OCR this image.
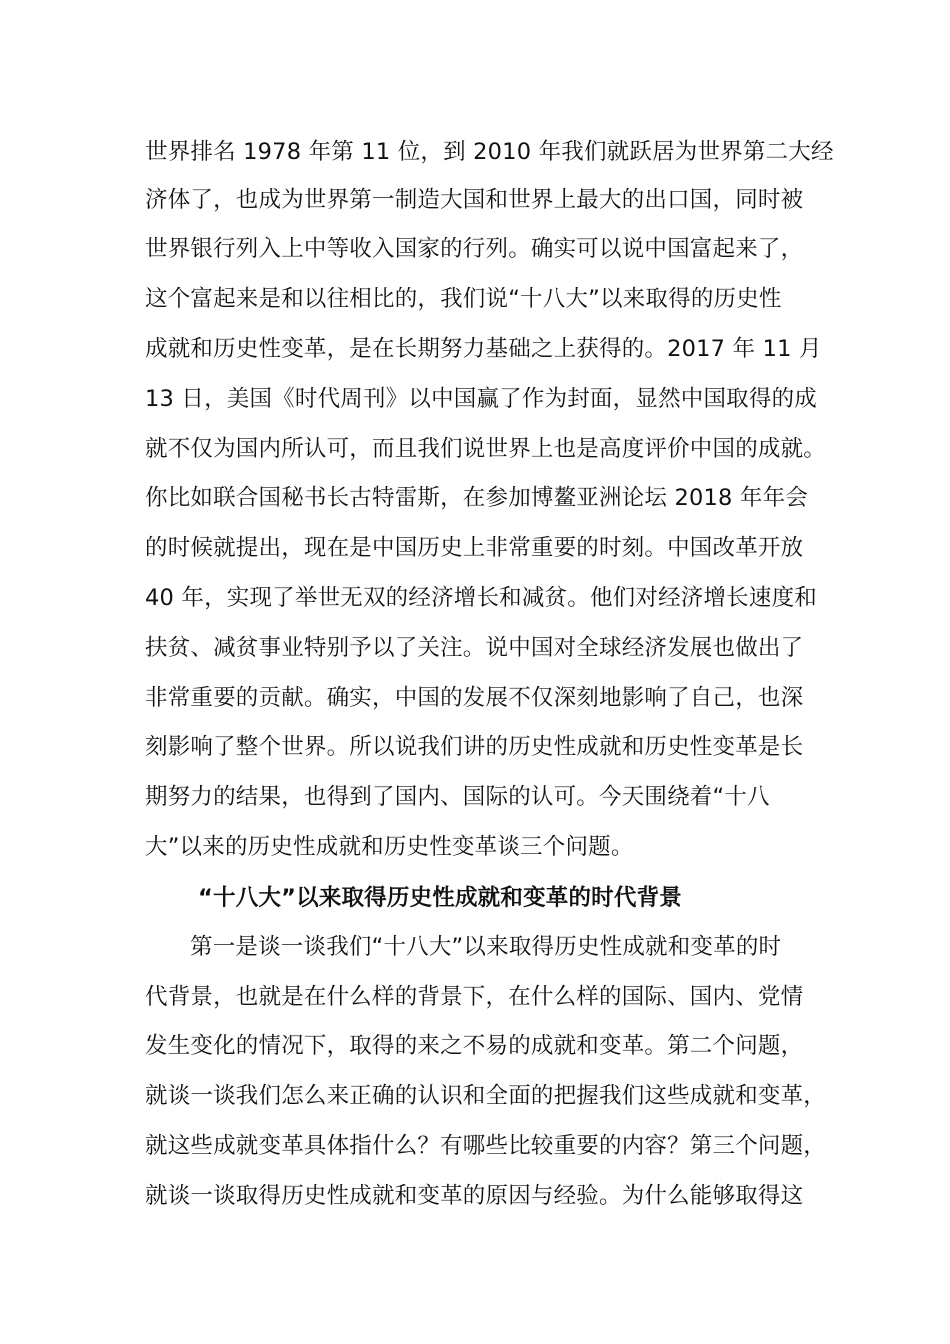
世界排名 1978 年第 11 位，到 2010 年我们就跃居为世界第二大经
济体了，也成为世界第一制造大国和世界上最大的出口国，同时被
世界银行列入上中等收入国家的行列。确实可以说中国富起来了，
这个富起来是和以往相比的，我们说“十八大”以来取得的历史性
成就和历史性变革，是在长期努力基础之上获得的。2017 年 11 月
13 日，美国《时代周刊》以中国赢了作为封面，显然中国取得的成
就不仅为国内所认可，而且我们说世界上也是高度评价中国的成就。
你比如联合国秘书长古特雷斯，在参加博鳌亚洲论坛 2018 年年会
的时候就提出，现在是中国历史上非常重要的时刻。中国改革开放
40 年，实现了举世无双的经济增长和减贫。他们对经济增长速度和
扶贫、减贫事业特别予以了关注。说中国对全球经济发展也做出了
非常重要的贡献。确实，中国的发展不仅深刻地影响了自己，也深
刻影响了整个世界。所以说我们讲的历史性成就和历史性变革是长
期努力的结果，也得到了国内、国际的认可。今天围绕着“十八
大”以来的历史性成就和历史性变革谈三个问题。
“十八大”以来取得历史性成就和变革的时代背景
第一是谈一谈我们“十八大”以来取得历史性成就和变革的时
代背景，也就是在什么样的背景下，在什么样的国际、国内、党情
发生变化的情况下，取得的来之不易的成就和变革。第二个问题，
就谈一谈我们怎么来正确的认识和全面的把握我们这些成就和变革，
就这些成就变革具体指什么？有哪些比较重要的内容？第三个问题，
就谈一谈取得历史性成就和变革的原因与经验。为什么能够取得这
